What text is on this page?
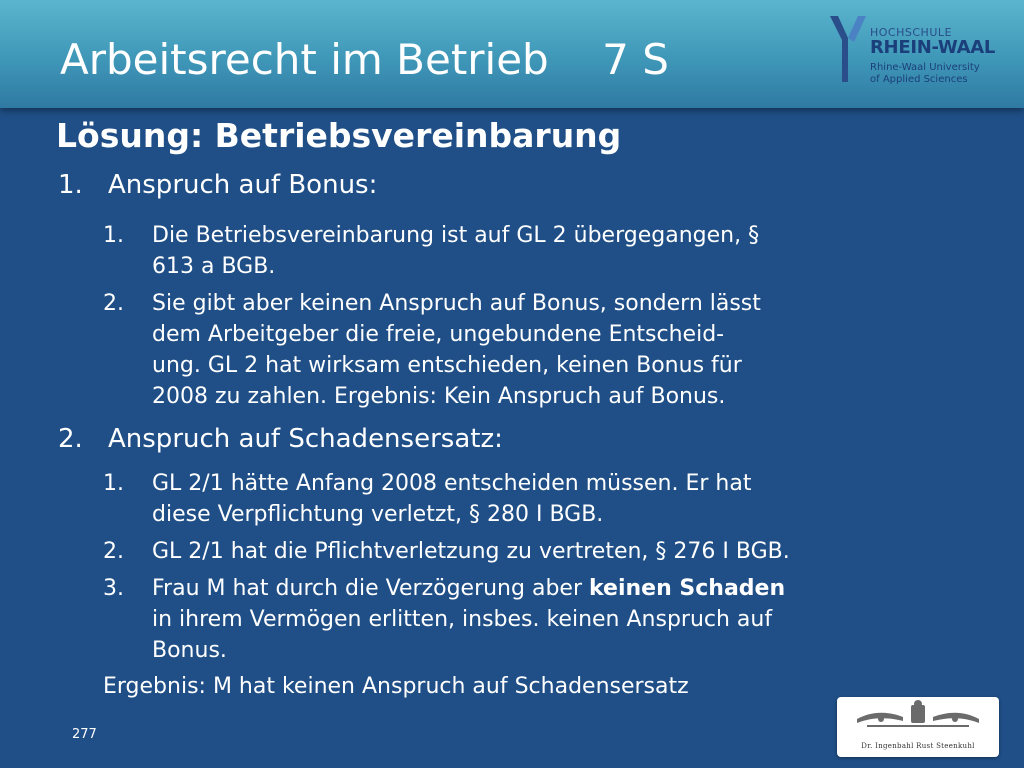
Arbeitsrecht im Betrieb    7 S
HOCHSCHULE
RHEIN-WAAL
Rhine-Waal University
of Applied Sciences
Lösung: Betriebsvereinbarung
1. Anspruch auf Bonus:
1. Die Betriebsvereinbarung ist auf GL 2 übergegangen, §
613 a BGB.
2. Sie gibt aber keinen Anspruch auf Bonus, sondern lässt
dem Arbeitgeber die freie, ungebundene Entscheid-
ung. GL 2 hat wirksam entschieden, keinen Bonus für
2008 zu zahlen. Ergebnis: Kein Anspruch auf Bonus.
2. Anspruch auf Schadensersatz:
1. GL 2/1 hätte Anfang 2008 entscheiden müssen. Er hat
diese Verpflichtung verletzt, § 280 I BGB.
2. GL 2/1 hat die Pflichtverletzung zu vertreten, § 276 I BGB.
3. Frau M hat durch die Verzögerung aber keinen Schaden
in ihrem Vermögen erlitten, insbes. keinen Anspruch auf
Bonus.
Ergebnis: M hat keinen Anspruch auf Schadensersatz
277
Dr. Ingenbahl Rust Steenkuhl
